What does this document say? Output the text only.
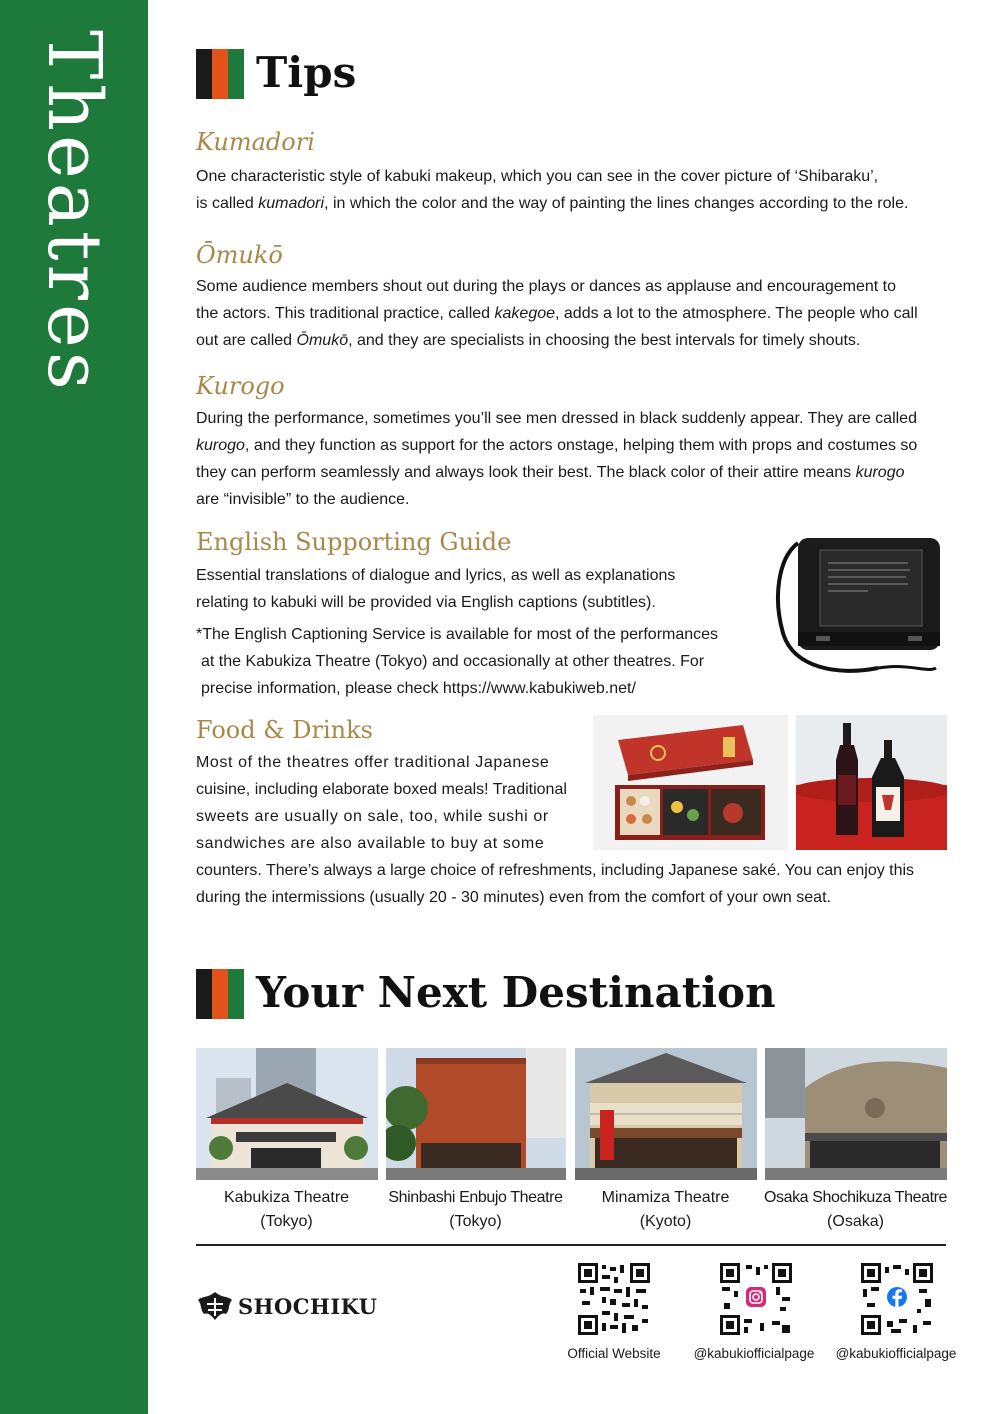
Theatres	Tips
Kumadori

One characteristic style of kabuki makeup, which you can see in the cover picture of ‘Shibaraku’,

is called kumadori, in which the color and the way of painting the lines changes according to the role.

Ōmukō

Some audience members shout out during the plays or dances as applause and encouragement to

the actors. This traditional practice, called kakegoe, adds a lot to the atmosphere. The people who call

out are called Ōmukō, and they are specialists in choosing the best intervals for timely shouts.

Kurogo

During the performance, sometimes you’ll see men dressed in black suddenly appear. They are called

kurogo, and they function as support for the actors onstage, helping them with props and costumes so

they can perform seamlessly and always look their best. The black color of their attire means kurogo

are “invisible” to the audience.

English Supporting Guide

Essential translations of dialogue and lyrics, as well as explanations

relating to kabuki will be provided via English captions (subtitles).

*The English Captioning Service is available for most of the performances

at the Kabukiza Theatre (Tokyo) and occasionally at other theatres. For

precise information, please check https://www.kabukiweb.net/

Food & Drinks

Most of the theatres offer traditional Japanese

cuisine, including elaborate boxed meals! Traditional

sweets are usually on sale, too, while sushi or

sandwiches are also available to buy at some

counters. There’s always a large choice of refreshments, including Japanese saké. You can enjoy this

during the intermissions (usually 20 - 30 minutes) even from the comfort of your own seat.

Your Next Destination
Kabukiza Theatre
(Tokyo)
Shinbashi Enbujo Theatre
(Tokyo)
Minamiza Theatre
(Kyoto)
Osaka Shochikuza Theatre
(Osaka)
SHOCHIKU
Official Website	@kabukiofficialpage	@kabukiofficialpage
